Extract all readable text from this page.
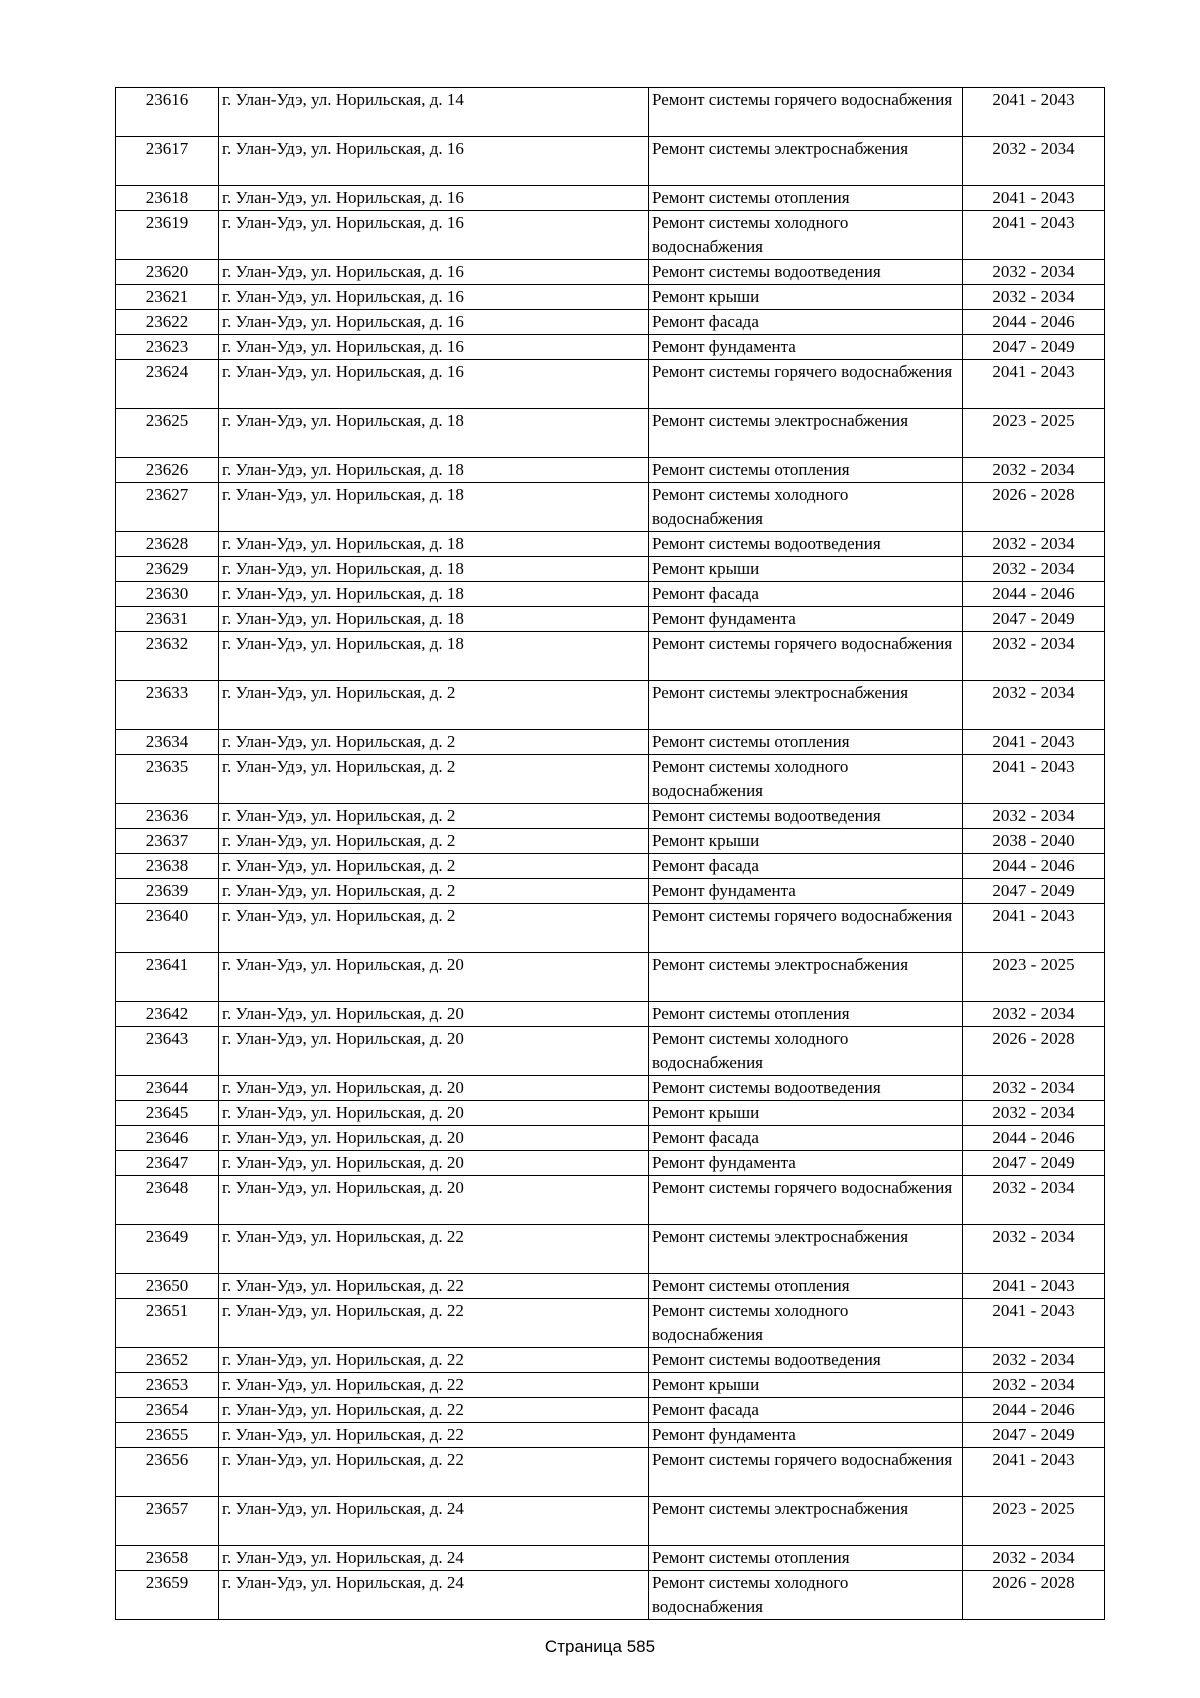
23616	г. Улан-Удэ, ул. Норильская, д. 14	Ремонт системы горячего водоснабжения	2041 - 2043
23617	г. Улан-Удэ, ул. Норильская, д. 16	Ремонт системы электроснабжения	2032 - 2034
23618	г. Улан-Удэ, ул. Норильская, д. 16	Ремонт системы отопления	2041 - 2043
23619	г. Улан-Удэ, ул. Норильская, д. 16	Ремонт системы холодного водоснабжения	2041 - 2043
23620	г. Улан-Удэ, ул. Норильская, д. 16	Ремонт системы водоотведения	2032 - 2034
23621	г. Улан-Удэ, ул. Норильская, д. 16	Ремонт крыши	2032 - 2034
23622	г. Улан-Удэ, ул. Норильская, д. 16	Ремонт фасада	2044 - 2046
23623	г. Улан-Удэ, ул. Норильская, д. 16	Ремонт фундамента	2047 - 2049
23624	г. Улан-Удэ, ул. Норильская, д. 16	Ремонт системы горячего водоснабжения	2041 - 2043
23625	г. Улан-Удэ, ул. Норильская, д. 18	Ремонт системы электроснабжения	2023 - 2025
23626	г. Улан-Удэ, ул. Норильская, д. 18	Ремонт системы отопления	2032 - 2034
23627	г. Улан-Удэ, ул. Норильская, д. 18	Ремонт системы холодного водоснабжения	2026 - 2028
23628	г. Улан-Удэ, ул. Норильская, д. 18	Ремонт системы водоотведения	2032 - 2034
23629	г. Улан-Удэ, ул. Норильская, д. 18	Ремонт крыши	2032 - 2034
23630	г. Улан-Удэ, ул. Норильская, д. 18	Ремонт фасада	2044 - 2046
23631	г. Улан-Удэ, ул. Норильская, д. 18	Ремонт фундамента	2047 - 2049
23632	г. Улан-Удэ, ул. Норильская, д. 18	Ремонт системы горячего водоснабжения	2032 - 2034
23633	г. Улан-Удэ, ул. Норильская, д. 2	Ремонт системы электроснабжения	2032 - 2034
23634	г. Улан-Удэ, ул. Норильская, д. 2	Ремонт системы отопления	2041 - 2043
23635	г. Улан-Удэ, ул. Норильская, д. 2	Ремонт системы холодного водоснабжения	2041 - 2043
23636	г. Улан-Удэ, ул. Норильская, д. 2	Ремонт системы водоотведения	2032 - 2034
23637	г. Улан-Удэ, ул. Норильская, д. 2	Ремонт крыши	2038 - 2040
23638	г. Улан-Удэ, ул. Норильская, д. 2	Ремонт фасада	2044 - 2046
23639	г. Улан-Удэ, ул. Норильская, д. 2	Ремонт фундамента	2047 - 2049
23640	г. Улан-Удэ, ул. Норильская, д. 2	Ремонт системы горячего водоснабжения	2041 - 2043
23641	г. Улан-Удэ, ул. Норильская, д. 20	Ремонт системы электроснабжения	2023 - 2025
23642	г. Улан-Удэ, ул. Норильская, д. 20	Ремонт системы отопления	2032 - 2034
23643	г. Улан-Удэ, ул. Норильская, д. 20	Ремонт системы холодного водоснабжения	2026 - 2028
23644	г. Улан-Удэ, ул. Норильская, д. 20	Ремонт системы водоотведения	2032 - 2034
23645	г. Улан-Удэ, ул. Норильская, д. 20	Ремонт крыши	2032 - 2034
23646	г. Улан-Удэ, ул. Норильская, д. 20	Ремонт фасада	2044 - 2046
23647	г. Улан-Удэ, ул. Норильская, д. 20	Ремонт фундамента	2047 - 2049
23648	г. Улан-Удэ, ул. Норильская, д. 20	Ремонт системы горячего водоснабжения	2032 - 2034
23649	г. Улан-Удэ, ул. Норильская, д. 22	Ремонт системы электроснабжения	2032 - 2034
23650	г. Улан-Удэ, ул. Норильская, д. 22	Ремонт системы отопления	2041 - 2043
23651	г. Улан-Удэ, ул. Норильская, д. 22	Ремонт системы холодного водоснабжения	2041 - 2043
23652	г. Улан-Удэ, ул. Норильская, д. 22	Ремонт системы водоотведения	2032 - 2034
23653	г. Улан-Удэ, ул. Норильская, д. 22	Ремонт крыши	2032 - 2034
23654	г. Улан-Удэ, ул. Норильская, д. 22	Ремонт фасада	2044 - 2046
23655	г. Улан-Удэ, ул. Норильская, д. 22	Ремонт фундамента	2047 - 2049
23656	г. Улан-Удэ, ул. Норильская, д. 22	Ремонт системы горячего водоснабжения	2041 - 2043
23657	г. Улан-Удэ, ул. Норильская, д. 24	Ремонт системы электроснабжения	2023 - 2025
23658	г. Улан-Удэ, ул. Норильская, д. 24	Ремонт системы отопления	2032 - 2034
23659	г. Улан-Удэ, ул. Норильская, д. 24	Ремонт системы холодного водоснабжения	2026 - 2028
Страница 585
